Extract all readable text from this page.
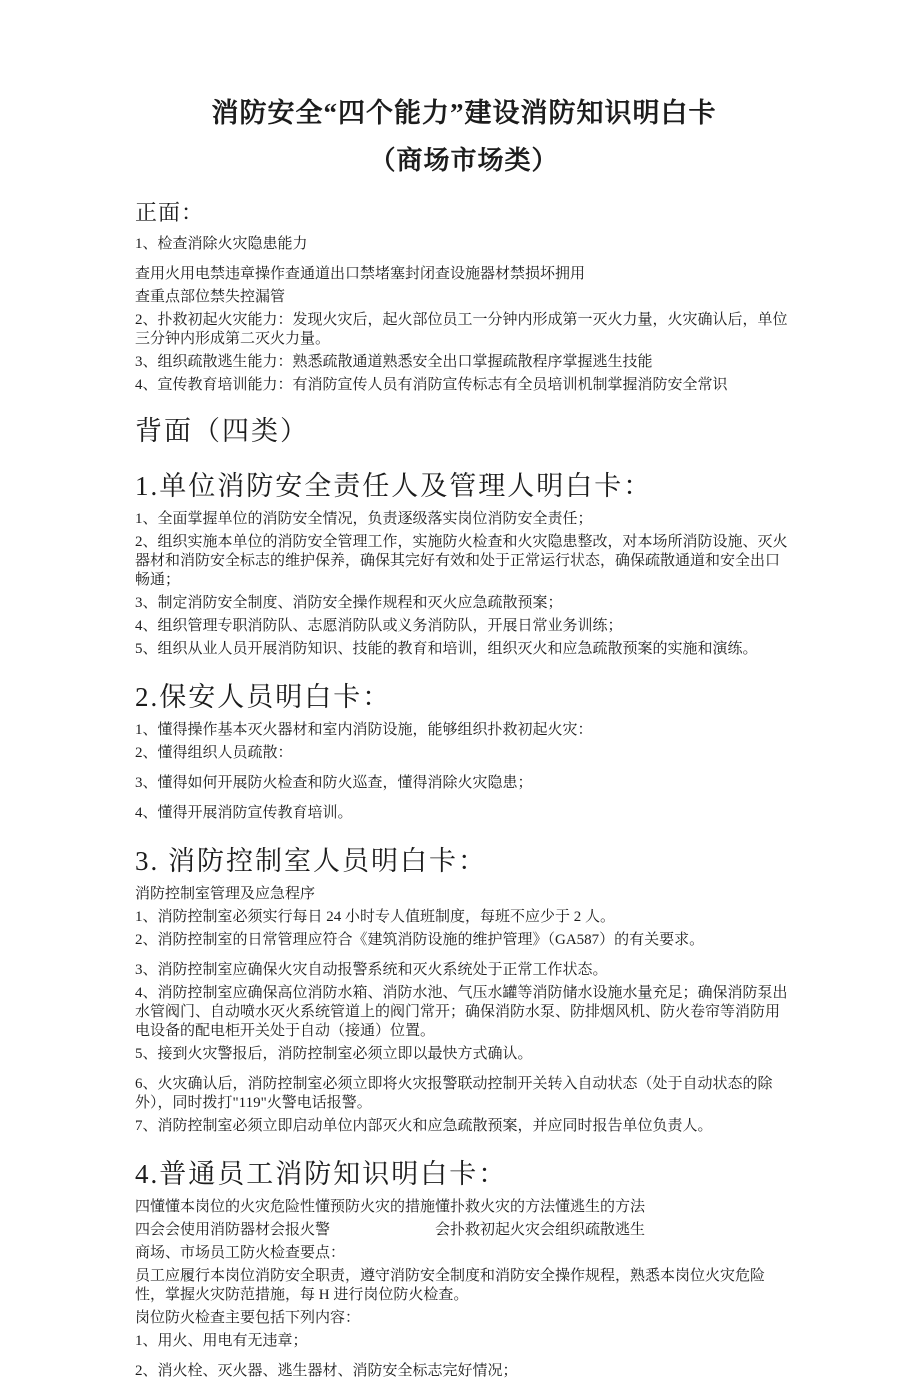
消防安全“四个能力”建设消防知识明白卡
（商场市场类）
正面：

1、检查消除火灾隐患能力

查用火用电禁违章操作查通道出口禁堵塞封闭查设施器材禁损坏拥用

查重点部位禁失控漏管

2、扑救初起火灾能力：发现火灾后，起火部位员工一分钟内形成第一灭火力量，火灾确认后，单位三分钟内形成第二灭火力量。

3、组织疏散逃生能力：熟悉疏散通道熟悉安全出口掌握疏散程序掌握逃生技能

4、宣传教育培训能力：有消防宣传人员有消防宣传标志有全员培训机制掌握消防安全常识

背面（四类）
1.单位消防安全责任人及管理人明白卡：

1、全面掌握单位的消防安全情况，负责逐级落实岗位消防安全责任；

2、组织实施本单位的消防安全管理工作，实施防火检查和火灾隐患整改，对本场所消防设施、灭火器材和消防安全标志的维护保养，确保其完好有效和处于正常运行状态，确保疏散通道和安全出口畅通；

3、制定消防安全制度、消防安全操作规程和灭火应急疏散预案；

4、组织管理专职消防队、志愿消防队或义务消防队，开展日常业务训练；

5、组织从业人员开展消防知识、技能的教育和培训，组织灭火和应急疏散预案的实施和演练。

2.保安人员明白卡：

1、懂得操作基本灭火器材和室内消防设施，能够组织扑救初起火灾：

2、懂得组织人员疏散：

3、懂得如何开展防火检查和防火巡查，懂得消除火灾隐患；

4、懂得开展消防宣传教育培训。

3. 消防控制室人员明白卡：

消防控制室管理及应急程序

1、消防控制室必须实行每日 24 小时专人值班制度，每班不应少于 2 人。

2、消防控制室的日常管理应符合《建筑消防设施的维护管理》（GA587）的有关要求。

3、消防控制室应确保火灾自动报警系统和灭火系统处于正常工作状态。

4、消防控制室应确保高位消防水箱、消防水池、气压水罐等消防储水设施水量充足；确保消防泵出水管阀门、自动喷水灭火系统管道上的阀门常开；确保消防水泵、防排烟风机、防火卷帘等消防用电设备的配电柜开关处于自动（接通）位置。

5、接到火灾警报后，消防控制室必须立即以最快方式确认。

6、火灾确认后，消防控制室必须立即将火灾报警联动控制开关转入自动状态（处于自动状态的除外），同时拨打"119"火警电话报警。

7、消防控制室必须立即启动单位内部灭火和应急疏散预案，并应同时报告单位负责人。

4.普通员工消防知识明白卡：

四懂懂本岗位的火灾危险性懂预防火灾的措施懂扑救火灾的方法懂逃生的方法

四会会使用消防器材会报火警　　　　　　　会扑救初起火灾会组织疏散逃生

商场、市场员工防火检查要点：

员工应履行本岗位消防安全职责，遵守消防安全制度和消防安全操作规程，熟悉本岗位火灾危险性，掌握火灾防范措施，每 H 进行岗位防火检查。

岗位防火检查主要包括下列内容：

1、用火、用电有无违章；

2、消火栓、灭火器、逃生器材、消防安全标志完好情况；
